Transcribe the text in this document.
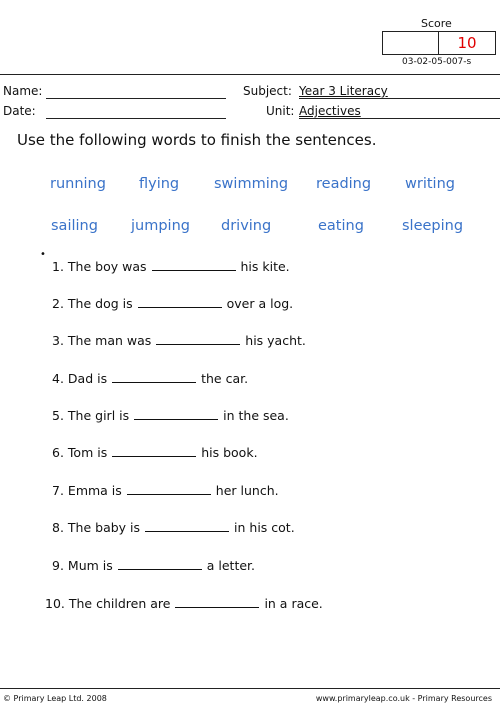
Score
10
03-02-05-007-s
Name:
Date:
Subject: Year 3 Literacy
Unit: Adjectives
Use the following words to finish the sentences.
running flying swimming reading writing
sailing jumping driving	eating	sleeping
•
1.
The boy was	his kite.
2.
The dog is	over a log.
3.
The man was	his yacht.
4.
Dad is	the car.
5.
The girl is	in the sea.
6.
Tom is	his book.
7.
Emma is	her lunch.
8.
The baby is	in his cot.
9.
Mum is	a letter.
10.
The children are	in a race.
© Primary Leap Ltd. 2008	www.primaryleap.co.uk - Primary Resources
